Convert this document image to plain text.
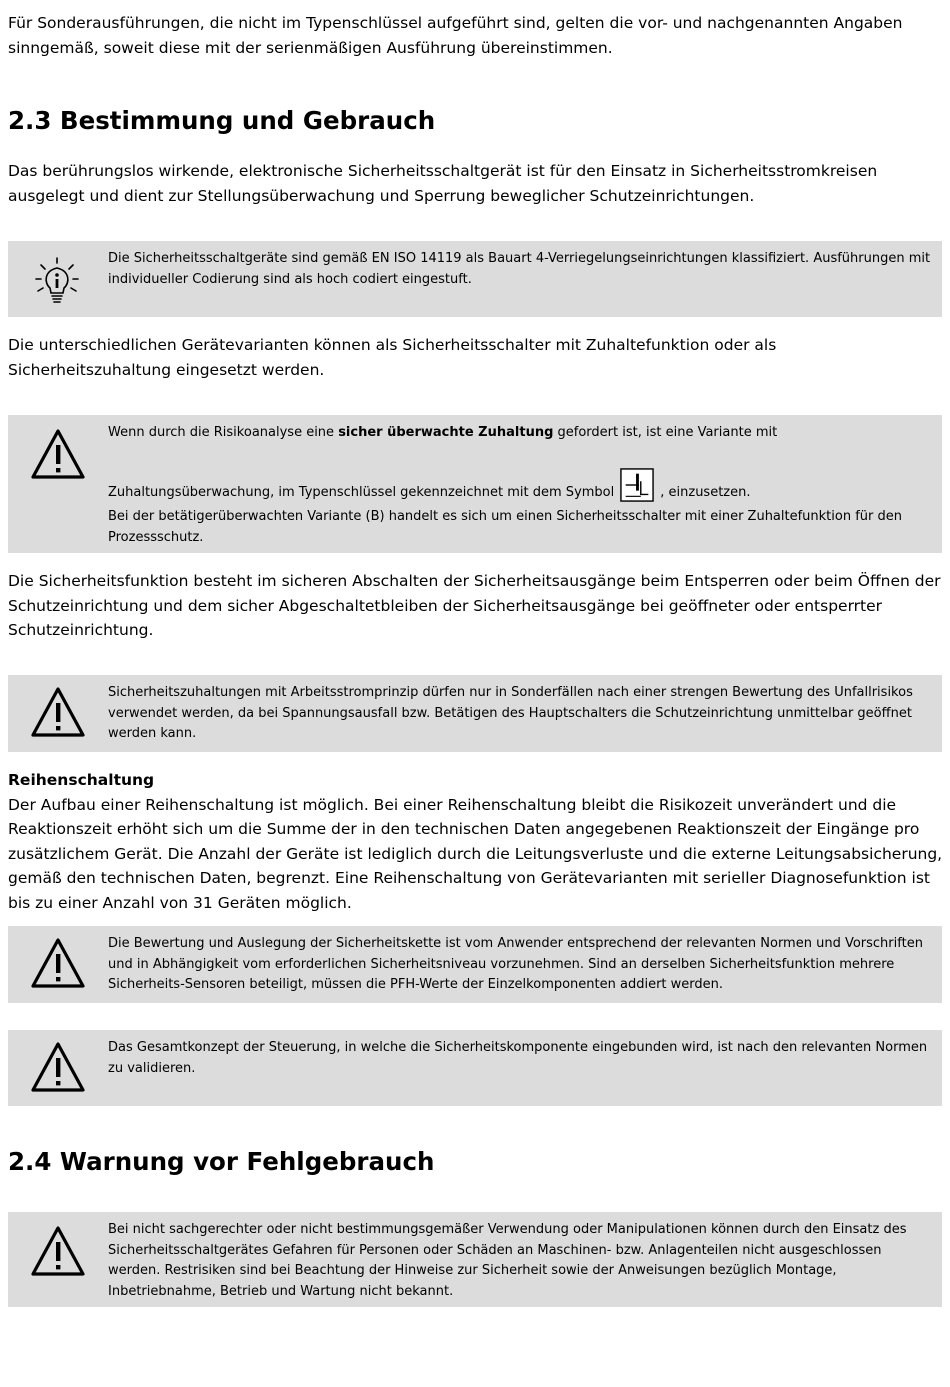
Für Sonderausführungen, die nicht im Typenschlüssel aufgeführt sind, gelten die vor- und nachgenannten Angaben sinngemäß, soweit diese mit der serienmäßigen Ausführung übereinstimmen.

2.3 Bestimmung und Gebrauch

Das berührungslos wirkende, elektronische Sicherheitsschaltgerät ist für den Einsatz in Sicherheitsstromkreisen ausgelegt und dient zur Stellungsüberwachung und Sperrung beweglicher Schutzeinrichtungen.

Die Sicherheitsschaltgeräte sind gemäß EN ISO 14119 als Bauart 4-Verriegelungseinrichtungen klassifiziert. Ausführungen mit individueller Codierung sind als hoch codiert eingestuft.

Die unterschiedlichen Gerätevarianten können als Sicherheitsschalter mit Zuhaltefunktion oder als Sicherheitszuhaltung eingesetzt werden.

Wenn durch die Risikoanalyse eine sicher überwachte Zuhaltung gefordert ist, ist eine Variante mit

Zuhaltungsüberwachung, im Typenschlüssel gekennzeichnet mit dem Symbol	, einzusetzen.

Bei der betätigerüberwachten Variante (B) handelt es sich um einen Sicherheitsschalter mit einer Zuhaltefunktion für den Prozessschutz.

Die Sicherheitsfunktion besteht im sicheren Abschalten der Sicherheitsausgänge beim Entsperren oder beim Öffnen der Schutzeinrichtung und dem sicher Abgeschaltetbleiben der Sicherheitsausgänge bei geöffneter oder entsperrter Schutzeinrichtung.

Sicherheitszuhaltungen mit Arbeitsstromprinzip dürfen nur in Sonderfällen nach einer strengen Bewertung des Unfallrisikos verwendet werden, da bei Spannungsausfall bzw. Betätigen des Hauptschalters die Schutzeinrichtung unmittelbar geöffnet werden kann.
Reihenschaltung
Der Aufbau einer Reihenschaltung ist möglich. Bei einer Reihenschaltung bleibt die Risikozeit unverändert und die Reaktionszeit erhöht sich um die Summe der in den technischen Daten angegebenen Reaktionszeit der Eingänge pro zusätzlichem Gerät. Die Anzahl der Geräte ist lediglich durch die Leitungsverluste und die externe Leitungsabsicherung, gemäß den technischen Daten, begrenzt. Eine Reihenschaltung von Gerätevarianten mit serieller Diagnosefunktion ist bis zu einer Anzahl von 31 Geräten möglich.
Die Bewertung und Auslegung der Sicherheitskette ist vom Anwender entsprechend der relevanten Normen und Vorschriften und in Abhängigkeit vom erforderlichen Sicherheitsniveau vorzunehmen. Sind an derselben Sicherheitsfunktion mehrere Sicherheits-Sensoren beteiligt, müssen die PFH-Werte der Einzelkomponenten addiert werden.
Das Gesamtkonzept der Steuerung, in welche die Sicherheitskomponente eingebunden wird, ist nach den relevanten Normen zu validieren.
2.4 Warnung vor Fehlgebrauch
Bei nicht sachgerechter oder nicht bestimmungsgemäßer Verwendung oder Manipulationen können durch den Einsatz des Sicherheitsschaltgerätes Gefahren für Personen oder Schäden an Maschinen- bzw. Anlagenteilen nicht ausgeschlossen werden. Restrisiken sind bei Beachtung der Hinweise zur Sicherheit sowie der Anweisungen bezüglich Montage, Inbetriebnahme, Betrieb und Wartung nicht bekannt.
